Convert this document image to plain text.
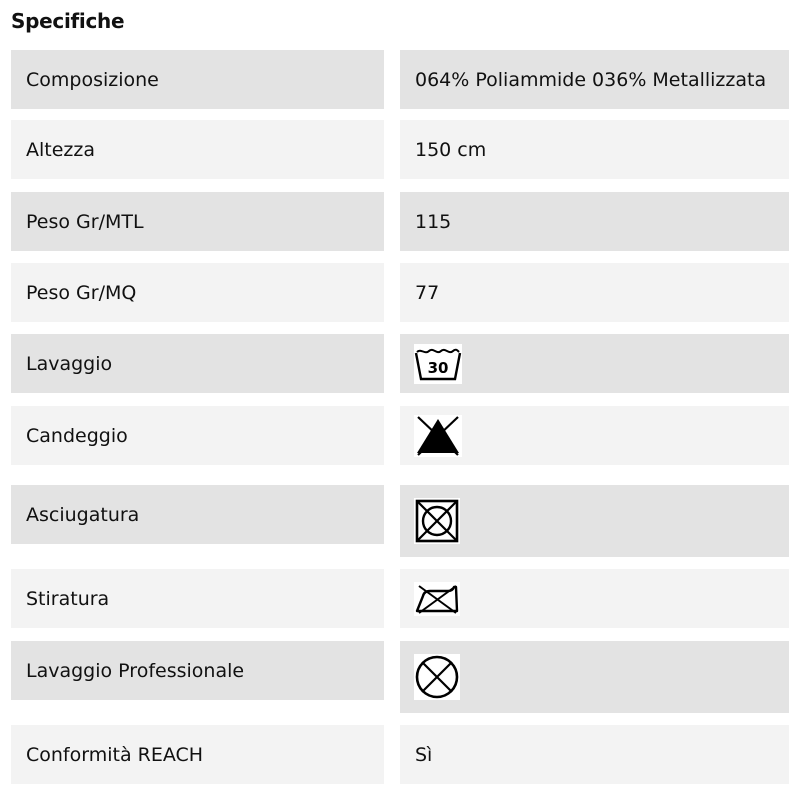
Specifiche
Composizione	064% Poliammide 036% Metallizzata
Altezza	150 cm
Peso Gr/MTL	115
Peso Gr/MQ	77
Lavaggio	30
Candeggio
Asciugatura
Stiratura
Lavaggio Professionale
Conformità REACH	Sì
